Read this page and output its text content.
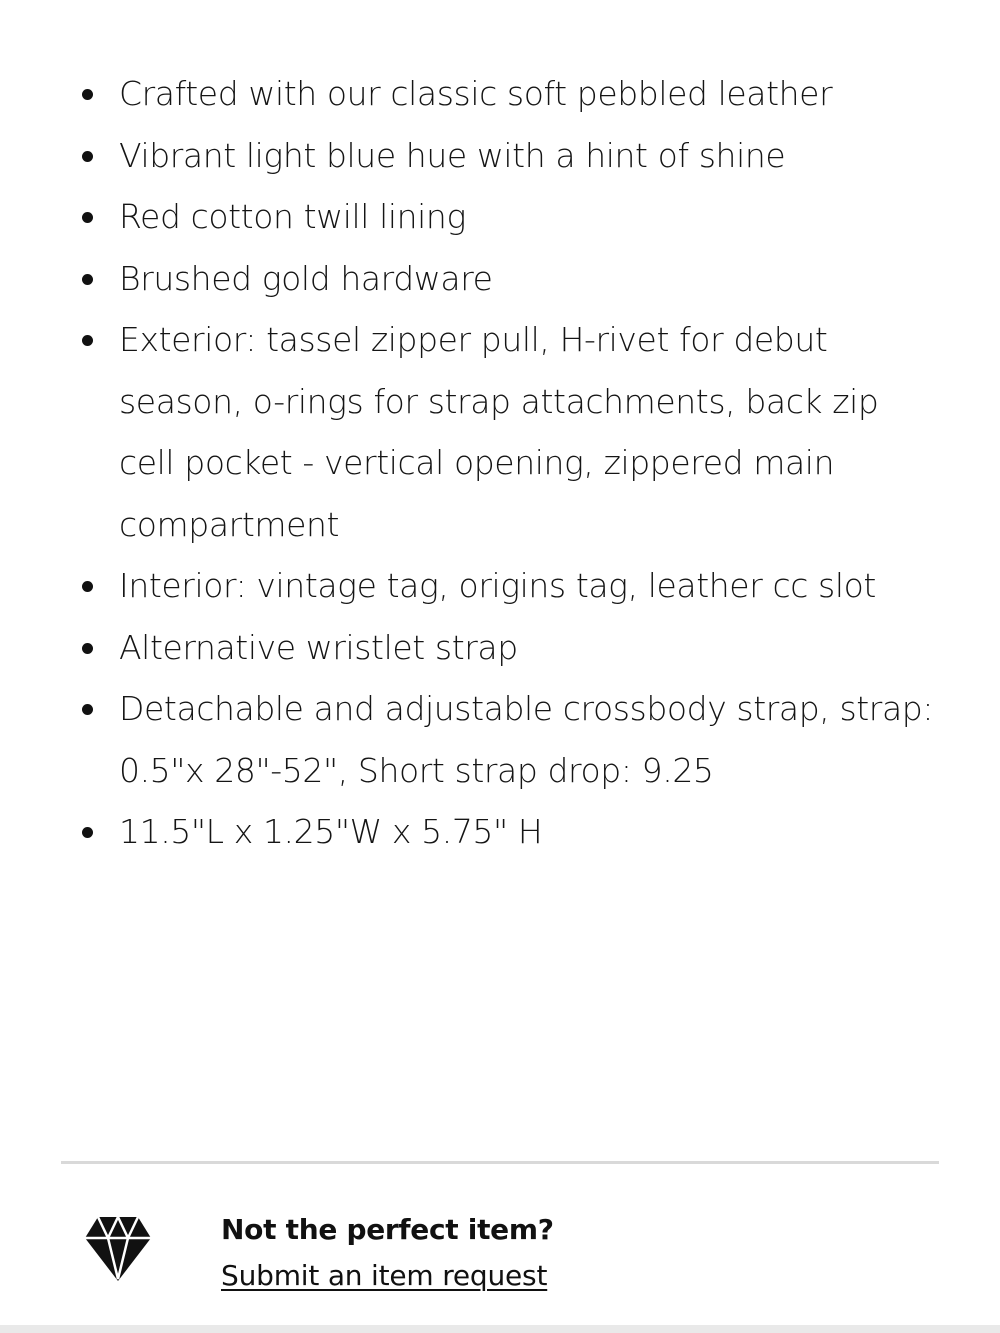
Crafted with our classic soft pebbled leather
Vibrant light blue hue with a hint of shine
Red cotton twill lining
Brushed gold hardware
Exterior: tassel zipper pull, H-rivet for debut season, o-rings for strap attachments, back zip cell pocket - vertical opening, zippered main compartment
Interior: vintage tag, origins tag, leather cc slot
Alternative wristlet strap
Detachable and adjustable crossbody strap, strap: 0.5"x 28"-52", Short strap drop: 9.25
11.5"L x 1.25"W x 5.75" H
Not the perfect item?
Submit an item request
